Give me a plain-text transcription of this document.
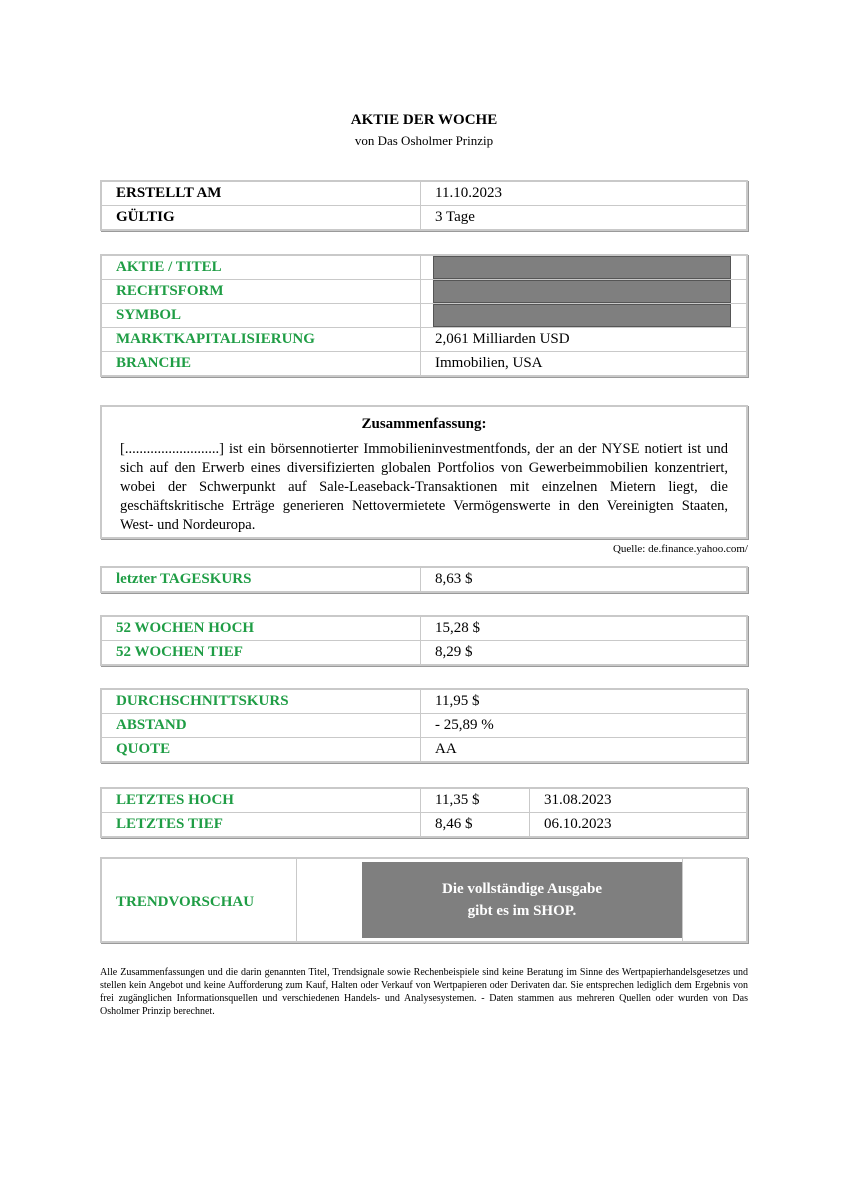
AKTIE DER WOCHE
von Das Osholmer Prinzip
ERSTELLT AM	11.10.2023
GÜLTIG	3 Tage
AKTIE / TITEL	

RECHTSFORM	

SYMBOL	

MARKTKAPITALISIERUNG	2,061 Milliarden USD
BRANCHE	Immobilien, USA
Zusammenfassung:
[..........................] ist ein börsennotierter Immobilieninvestmentfonds, der an der NYSE notiert ist und sich auf den Erwerb eines diversifizierten globalen Portfolios von Gewerbeimmobilien konzentriert, wobei der Schwerpunkt auf Sale-Leaseback-Transaktionen mit einzelnen Mietern liegt, die geschäftskritische Erträge generieren Nettovermietete Vermögenswerte in den Vereinigten Staaten, West- und Nordeuropa.
Quelle: de.finance.yahoo.com/
letzter TAGESKURS	8,63 $
52 WOCHEN HOCH	15,28 $
52 WOCHEN TIEF	8,29 $
DURCHSCHNITTSKURS	11,95 $
ABSTAND	- 25,89 %
QUOTE	AA
LETZTES HOCH	11,35 $	31.08.2023
LETZTES TIEF	8,46 $	06.10.2023
TRENDVORSCHAU
Die vollständige Ausgabe
gibt es im SHOP.
Alle Zusammenfassungen und die darin genannten Titel, Trendsignale sowie Rechenbeispiele sind keine Beratung im Sinne des Wertpapierhandelsgesetzes und stellen kein Angebot und keine Aufforderung zum Kauf, Halten oder Verkauf von Wertpapieren oder Derivaten dar. Sie entsprechen lediglich dem Ergebnis von frei zugänglichen Informationsquellen und verschiedenen Handels- und Analysesystemen. - Daten stammen aus mehreren Quellen oder wurden von Das Osholmer Prinzip berechnet.
